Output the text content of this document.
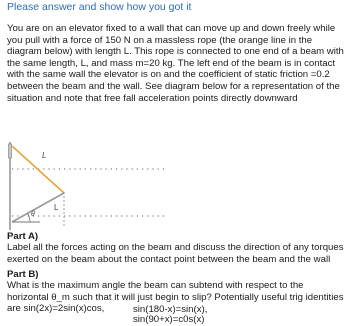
Please answer and show how you got it

You are on an elevator fixed to a wall that can move up and down freely while you pull with a force of 150 N on a massless rope (the orange line in the diagram below) with length L. This rope is connected to one end of a beam with the same length, L, and mass m=20 kg. The left end of the beam is in contact with the same wall the elevator is on and the coefficient of static friction =0.2 between the beam and the wall. See diagram below for a representation of the situation and note that free fall acceleration points directly downward

L
L
θ
Part A)

Label all the forces acting on the beam and discuss the direction of any torques exerted on the beam about the contact point between the beam and the wall

Part B)

What is the maximum angle the beam can subtend with respect to the horizontal θ_m such that it will just begin to slip? Potentially useful trig identities are sin(2x)=2sin(x)cos,	sin(180-x)=sin(x),
sin(90+x)=c0s(x)
